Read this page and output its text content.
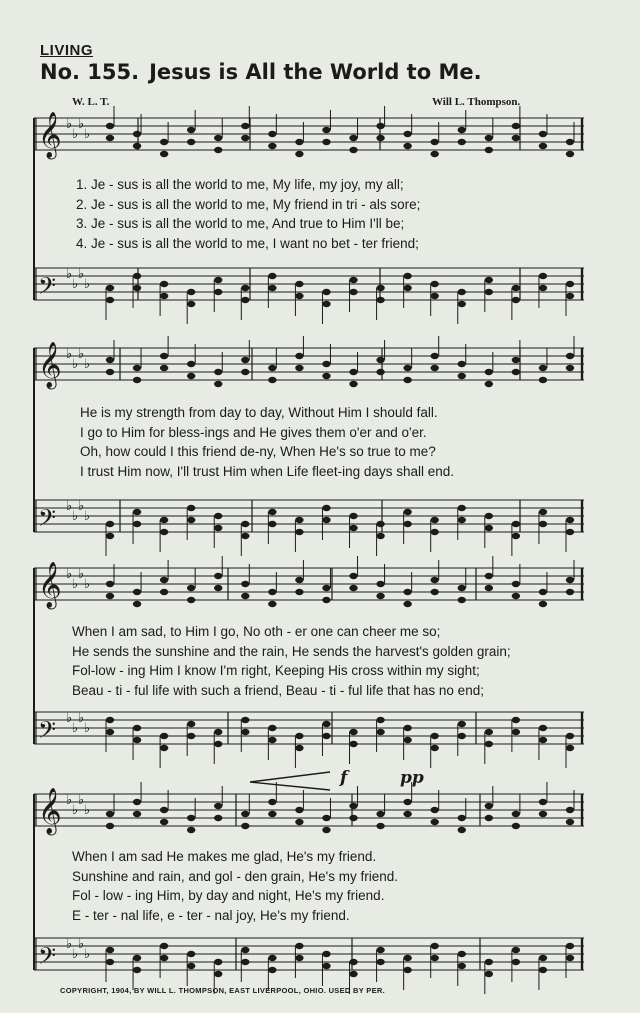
LIVING
No. 155. Jesus is All the World to Me.
W. L. T.	Will L. Thompson.
𝄞 ♭
♭
♭
♭
𝄢 ♭
♭
♭
♭
𝄞 ♭
♭
♭
♭
𝄢 ♭
♭
♭
♭
𝄞 ♭
♭
♭
♭
𝄢 ♭
♭
♭
♭
𝄞 ♭
♭
♭
♭
𝄢 ♭
♭
♭
♭
f	pp
1. Je - sus is all the world to me, My life, my joy, my all;
2. Je - sus is all the world to me, My friend in tri - als sore;
3. Je - sus is all the world to me, And true to Him I'll be;
4. Je - sus is all the world to me, I want no bet - ter friend;
He is my strength from day to day, Without Him I should fall.
I go to Him for bless-ings and He gives them o'er and o'er.
Oh, how could I this friend de-ny, When He's so true to me?
I trust Him now, I'll trust Him when Life fleet-ing days shall end.
When I am sad, to Him I go, No oth - er one can cheer me so;
He sends the sunshine and the rain, He sends the harvest's golden grain;
Fol-low - ing Him I know I'm right, Keeping His cross within my sight;
Beau - ti - ful life with such a friend, Beau - ti - ful life that has no end;
When I am sad He makes me glad, He's my friend.
Sunshine and rain, and gol - den grain, He's my friend.
Fol - low - ing Him, by day and night, He's my friend.
E - ter - nal life, e - ter - nal joy, He's my friend.
COPYRIGHT, 1904, BY WILL L. THOMPSON, EAST LIVERPOOL, OHIO. USED BY PER.
